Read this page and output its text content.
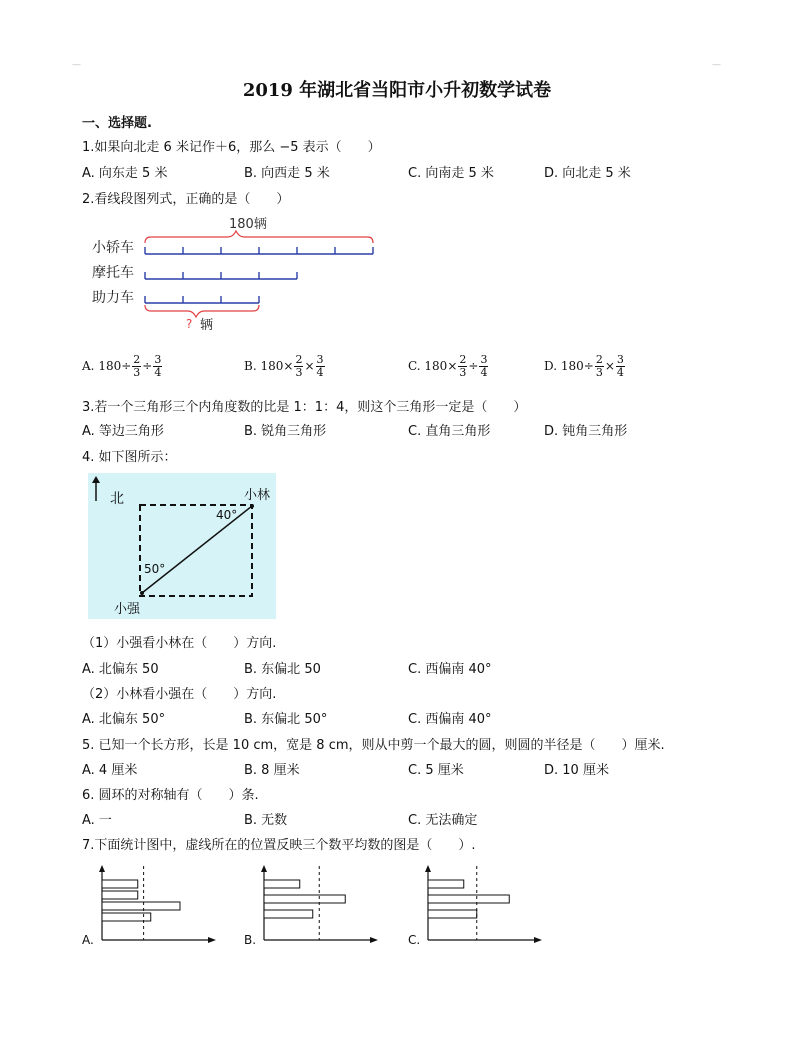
—	—
2019 年湖北省当阳市小升初数学试卷
一、选择题.
1.如果向北走 6 米记作＋6，那么 −5 表示（　　）
A. 向东走 5 米	B. 向西走 5 米	C. 向南走 5 米	D. 向北走 5 米
2.看线段图列式，正确的是（　　）
180辆
小轿车
摩托车
助力车
? 辆
A. $180\div \frac{2}{3} \div \frac{3}{4}$	B. $180\times \frac{2}{3} \times \frac{3}{4}$	C. $180\times \frac{2}{3} \div \frac{3}{4}$	D. $180\div \frac{2}{3} \times \frac{3}{4}$
3.若一个三角形三个内角度数的比是 1：1：4，则这个三角形一定是（　　）
A. 等边三角形	B. 锐角三角形	C. 直角三角形	D. 钝角三角形
4. 如下图所示：
北	小林
小强
40°
50°
（1）小强看小林在（　　）方向.
A. 北偏东 50	B. 东偏北 50	C. 西偏南 40°
（2）小林看小强在（　　）方向.
A. 北偏东 50°	B. 东偏北 50°	C. 西偏南 40°
5. 已知一个长方形，长是 10 cm，宽是 8 cm，则从中剪一个最大的圆，则圆的半径是（　　）厘米.
A. 4 厘米	B. 8 厘米	C. 5 厘米	D. 10 厘米
6. 圆环的对称轴有（　　）条.
A. 一	B. 无数	C. 无法确定
7.下面统计图中，虚线所在的位置反映三个数平均数的图是（　　）.
A.	B.	C.
